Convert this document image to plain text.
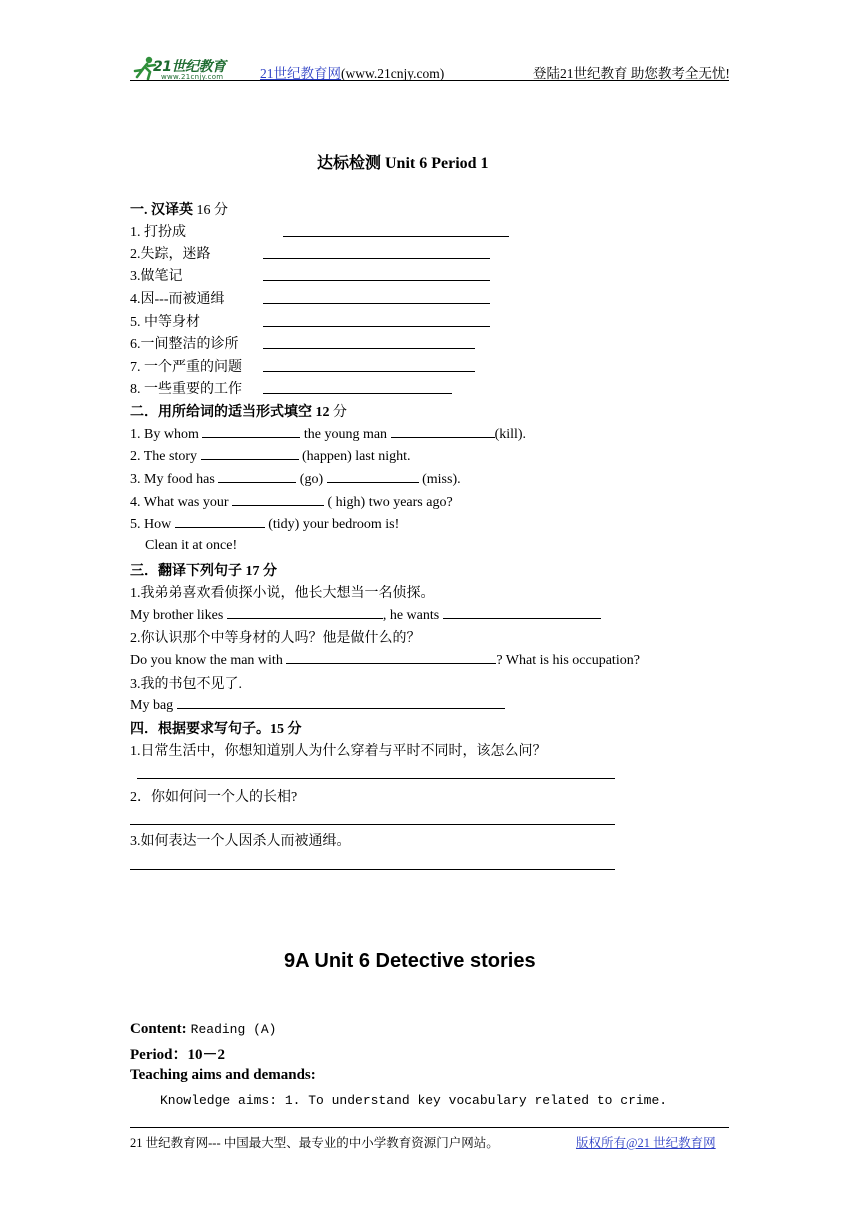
21世纪教育
www.21cnjy.com	21世纪教育网(www.21cnjy.com)	登陆21世纪教育 助您教考全无忧!
达标检测 Unit 6 Period 1
一. 汉译英 16 分
1. 打扮成
2.失踪，迷路
3.做笔记
4.因---而被通缉
5. 中等身材
6.一间整洁的诊所
7. 一个严重的问题
8. 一些重要的工作
二．用所给词的适当形式填空 12 分
1. By whom	the young man	(kill).
2. The story	(happen) last night.
3. My food has	(go)	(miss).
4. What was your	( high) two years ago?
5. How	(tidy) your bedroom is!
Clean it at once!
三．翻译下列句子 17 分
1.我弟弟喜欢看侦探小说，他长大想当一名侦探。
My brother likes	, he wants
2.你认识那个中等身材的人吗？他是做什么的？
Do you know the man with	? What is his occupation?
3.我的书包不见了.
My bag
四．根据要求写句子。15 分
1.日常生活中，你想知道别人为什么穿着与平时不同时，该怎么问？
2．你如何问一个人的长相?
3.如何表达一个人因杀人而被通缉。
9A Unit 6 Detective stories
Content: Reading (A)
Period：10－2
Teaching aims and demands:
Knowledge aims: 1. To understand key vocabulary related to crime.
21 世纪教育网--- 中国最大型、最专业的中小学教育资源门户网站。	版权所有@21 世纪教育网
